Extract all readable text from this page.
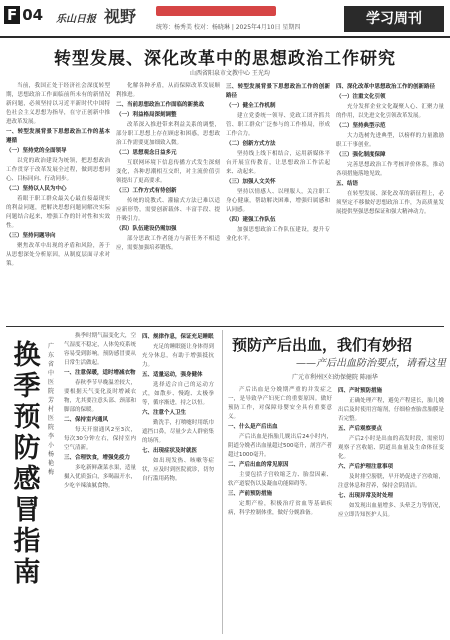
F 04 乐山日报 视野
统筹：杨秀美 校对：杨晓琳 | 2025年4月10日 星期四
学习周刊
转型发展、深化改革中的思想政治工作研究
山西省阳泉市文教中心 王光均

当前，我国正处于经济社会深度转型期，思想政治工作面临前所未有的新情况新问题，必须坚持以习近平新时代中国特色社会主义思想为指导，在守正创新中推进改革发展。

一、转型发展背景下思想政治工作的基本遵循

（一）坚持党的全面领导

以党的政治建设为统领，把思想政治工作贯穿于改革发展全过程，做到思想同心、目标同向、行动同步。

（二）坚持以人民为中心

着眼于职工群众最关心最直接最现实的利益问题，把解决思想问题同解决实际问题结合起来，增强工作的针对性和实效性。

（三）坚持问题导向

聚焦改革中出现的矛盾和风险，善于从思想深处分析原因，从制度层面寻求对策。

化解各种矛盾，从而保障改革发展顺利推进。

二、当前思想政治工作面临的新挑战

（一）利益格局深刻调整

改革深入推进带来利益关系的调整，部分职工思想上存在顾虑和困惑，思想政治工作需要更加细致入微。

（二）思想观念日益多元

互联网环境下信息传播方式发生深刻变化，各种思潮相互交织，对主流价值引领提出了更高要求。

（三）工作方式有待创新

传统的说教式、灌输式方法已难以适应新形势，需要创新载体、丰富手段、提升吸引力。

（四）队伍建设仍需加强

部分思政工作者能力与新任务不相适应，需要加强培养锻炼。

三、转型发展背景下思想政治工作的创新路径

（一）健全工作机制

建立党委统一领导、党政工团齐抓共管、职工群众广泛参与的工作格局，形成工作合力。

（二）创新方式方法

坚持线上线下相结合，运用新媒体平台开展宣传教育，让思想政治工作活起来、动起来。

（三）加强人文关怀

坚持以情感人、以理服人，关注职工身心健康，帮助解决困难，增强归属感和认同感。

（四）建强工作队伍

加强思想政治工作队伍建设，提升专业化水平。

四、深化改革中思想政治工作的创新路径

（一）注重文化引领

充分发挥企业文化凝聚人心、汇聚力量的作用，以先进文化引领改革发展。

（二）坚持典型示范

大力选树先进典型，以榜样的力量激励职工干事创业。

（三）强化制度保障

完善思想政治工作考核评价体系，推动各项措施落地见效。

五、结语

在转型发展、深化改革的新征程上，必须坚定不移做好思想政治工作，为高质量发展提供坚强思想保证和强大精神动力。

换季预防感冒指南
广东省中医院芳村医院 李小 杨艳梅

换季时期气温变化大，空气湿度不稳定，人体免疫系统容易受到影响。预防感冒要从日常生活做起。

一、注意保暖，适时增减衣物

春秋季节早晚温差较大，要根据天气变化及时增减衣物，尤其要注意头部、颈部和脚部的保暖。

二、保持室内通风

每天开窗通风2至3次，每次30分钟左右，保持室内空气清新。

三、合理饮食，增强免疫力

多吃新鲜蔬菜水果，适量摄入优质蛋白，多喝温开水，少吃辛辣油腻食物。

四、规律作息，保证充足睡眠

充足的睡眠能让身体得到充分休息，有助于增强抵抗力。

五、适量运动，强身健体

选择适合自己的运动方式，如散步、慢跑、太极拳等，循序渐进，持之以恒。

六、注意个人卫生

勤洗手，打喷嚏时用纸巾遮挡口鼻，尽量少去人群密集的场所。

七、出现症状及时就医

如出现发热、咳嗽等症状，应及时到医院就诊，切勿自行滥用药物。

预防产后出血，我们有妙招
——产后出血防治要点，请看这里
广元市利州区妇幼保健院 陈丽华

产后出血是分娩期严重的并发症之一，是导致孕产妇死亡的重要原因。做好预防工作，对保障母婴安全具有重要意义。

一、什么是产后出血

产后出血是指胎儿娩出后24小时内，阴道分娩者出血量超过500毫升，剖宫产者超过1000毫升。

二、产后出血的常见原因

主要包括子宫收缩乏力、胎盘因素、软产道裂伤以及凝血功能障碍等。

三、产前预防措施

定期产检，积极治疗贫血等基础疾病，科学控制体重，做好分娩准备。

四、产时预防措施

正确处理产程，避免产程延长，胎儿娩出后及时使用宫缩剂，仔细检查胎盘胎膜是否完整。

五、产后观察要点

产后2小时是出血的高发时段，需密切观察子宫收缩、阴道出血量及生命体征变化。

六、产后护理注意事项

及时排空膀胱，早开奶促进子宫收缩，注意休息和营养，保持会阴清洁。

七、出现异常及时处理

如发现出血量增多、头晕乏力等情况，应立即告知医护人员。
